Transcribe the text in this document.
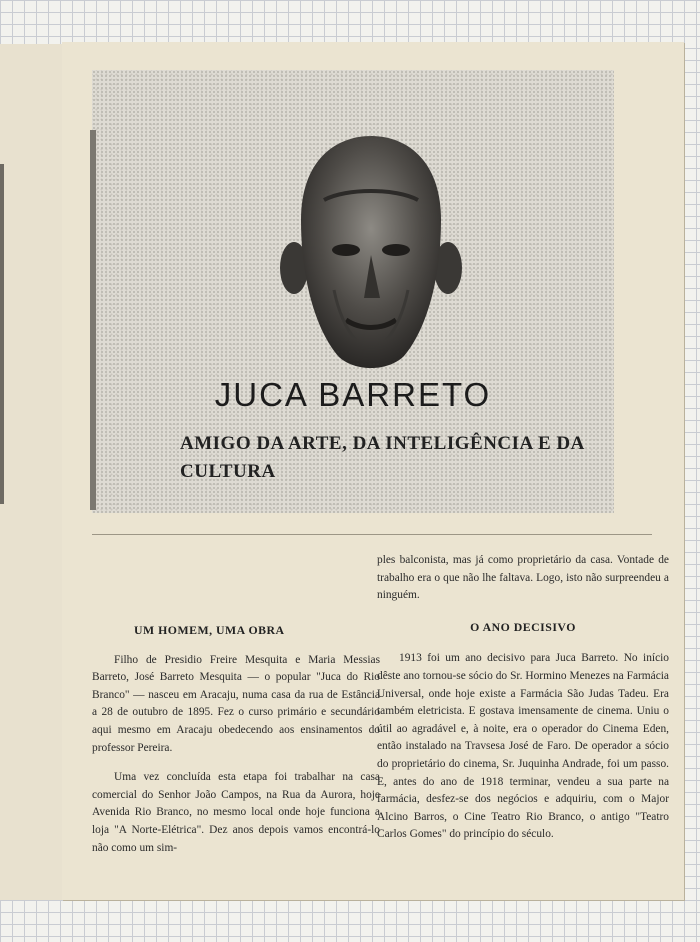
JUCA BARRETO
AMIGO DA ARTE, DA INTELIGÊNCIA E DA CULTURA
UM HOMEM, UMA OBRA

Filho de Presidio Freire Mesquita e Maria Messias Barreto, José Barreto Mesquita — o popular "Juca do Rio Branco" — nasceu em Aracaju, numa casa da rua de Estância a 28 de outubro de 1895. Fez o curso primário e secundário aqui mesmo em Aracaju obedecendo aos ensinamentos do professor Pereira.

Uma vez concluída esta etapa foi trabalhar na casa comercial do Senhor João Campos, na Rua da Aurora, hoje Avenida Rio Branco, no mesmo local onde hoje funciona a loja "A Norte-Elétrica". Dez anos depois vamos encontrá-lo não como um sim-

ples balconista, mas já como proprietário da casa. Vontade de trabalho era o que não lhe faltava. Logo, isto não surpreendeu a ninguém.

O ANO DECISIVO

1913 foi um ano decisivo para Juca Barreto. No início dêste ano tornou-se sócio do Sr. Hormino Menezes na Farmácia Universal, onde hoje existe a Farmácia São Judas Tadeu. Era também eletricista. E gostava imensamente de cinema. Uniu o útil ao agradável e, à noite, era o operador do Cinema Eden, então instalado na Travsesa José de Faro. De operador a sócio do proprietário do cinema, Sr. Juquinha Andrade, foi um passo. E, antes do ano de 1918 terminar, vendeu a sua parte na farmácia, desfez-se dos negócios e adquiriu, com o Major Alcino Barros, o Cine Teatro Rio Branco, o antigo "Teatro Carlos Gomes" do princípio do século.
